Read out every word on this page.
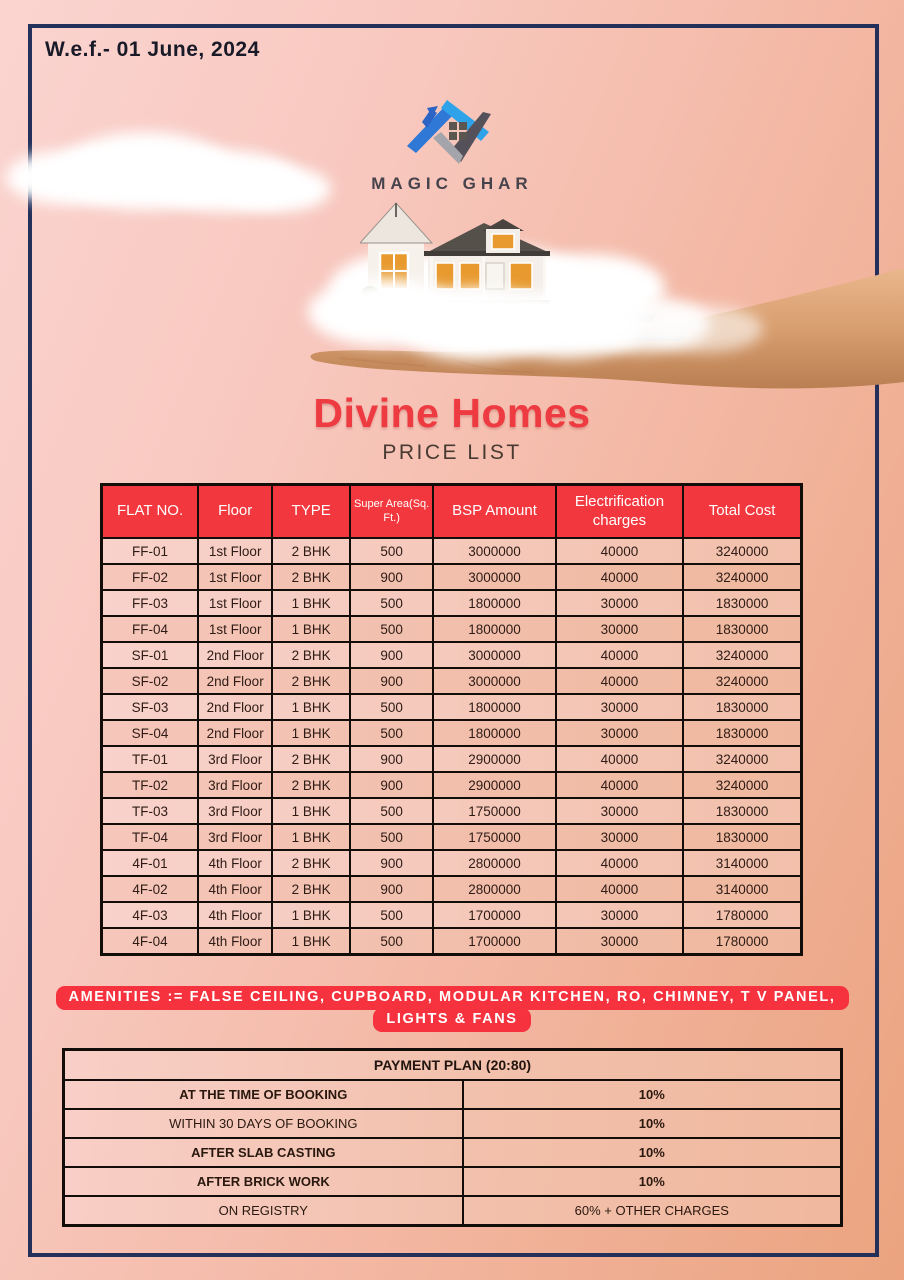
W.e.f.- 01 June, 2024
MAGIC GHAR
Divine Homes
PRICE LIST
FLAT NO.	Floor	TYPE	Super Area(Sq. Ft.)	BSP Amount	Electrification charges	Total Cost
FF-01	1st Floor	2 BHK	500	3000000	40000	3240000
FF-02	1st Floor	2 BHK	900	3000000	40000	3240000
FF-03	1st Floor	1 BHK	500	1800000	30000	1830000
FF-04	1st Floor	1 BHK	500	1800000	30000	1830000
SF-01	2nd Floor	2 BHK	900	3000000	40000	3240000
SF-02	2nd Floor	2 BHK	900	3000000	40000	3240000
SF-03	2nd Floor	1 BHK	500	1800000	30000	1830000
SF-04	2nd Floor	1 BHK	500	1800000	30000	1830000
TF-01	3rd Floor	2 BHK	900	2900000	40000	3240000
TF-02	3rd Floor	2 BHK	900	2900000	40000	3240000
TF-03	3rd Floor	1 BHK	500	1750000	30000	1830000
TF-04	3rd Floor	1 BHK	500	1750000	30000	1830000
4F-01	4th Floor	2 BHK	900	2800000	40000	3140000
4F-02	4th Floor	2 BHK	900	2800000	40000	3140000
4F-03	4th Floor	1 BHK	500	1700000	30000	1780000
4F-04	4th Floor	1 BHK	500	1700000	30000	1780000
AMENITIES := FALSE CEILING, CUPBOARD, MODULAR KITCHEN, RO, CHIMNEY, T V PANEL,
LIGHTS & FANS
PAYMENT PLAN (20:80)	
AT THE TIME OF BOOKING	10%
WITHIN 30 DAYS OF BOOKING	10%
AFTER SLAB CASTING	10%
AFTER BRICK WORK	10%
ON REGISTRY	60% + OTHER CHARGES
